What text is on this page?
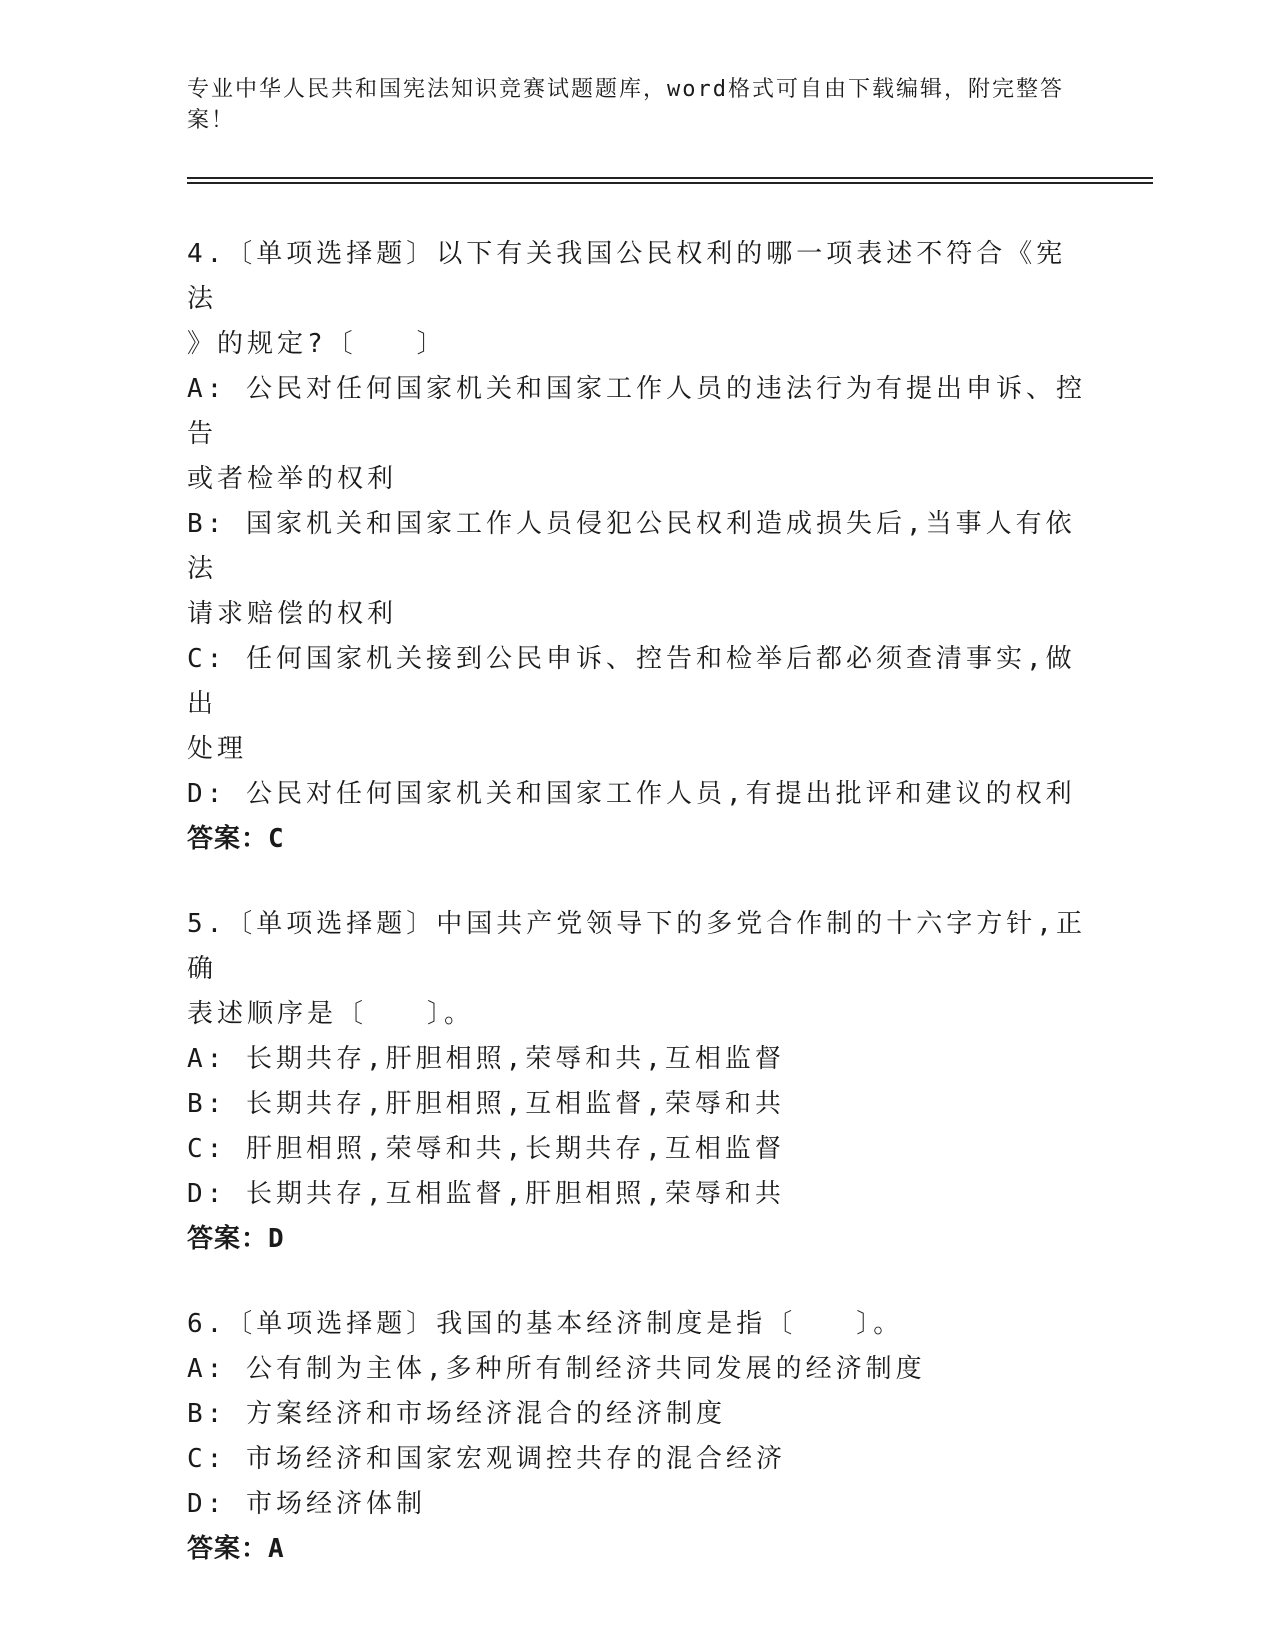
专业中华人民共和国宪法知识竞赛试题题库，word格式可自由下载编辑，附完整答案！
4.〔单项选择题〕以下有关我国公民权利的哪一项表述不符合《宪法
》的规定?〔　　〕
A: 公民对任何国家机关和国家工作人员的违法行为有提出申诉、控告
或者检举的权利
B: 国家机关和国家工作人员侵犯公民权利造成损失后,当事人有依法
请求赔偿的权利
C: 任何国家机关接到公民申诉、控告和检举后都必须查清事实,做出
处理
D: 公民对任何国家机关和国家工作人员,有提出批评和建议的权利
答案：C
5.〔单项选择题〕中国共产党领导下的多党合作制的十六字方针,正确
表述顺序是〔　　〕。
A: 长期共存,肝胆相照,荣辱和共,互相监督
B: 长期共存,肝胆相照,互相监督,荣辱和共
C: 肝胆相照,荣辱和共,长期共存,互相监督
D: 长期共存,互相监督,肝胆相照,荣辱和共
答案：D
6.〔单项选择题〕我国的基本经济制度是指〔　　〕。
A: 公有制为主体,多种所有制经济共同发展的经济制度
B: 方案经济和市场经济混合的经济制度
C: 市场经济和国家宏观调控共存的混合经济
D: 市场经济体制
答案：A
